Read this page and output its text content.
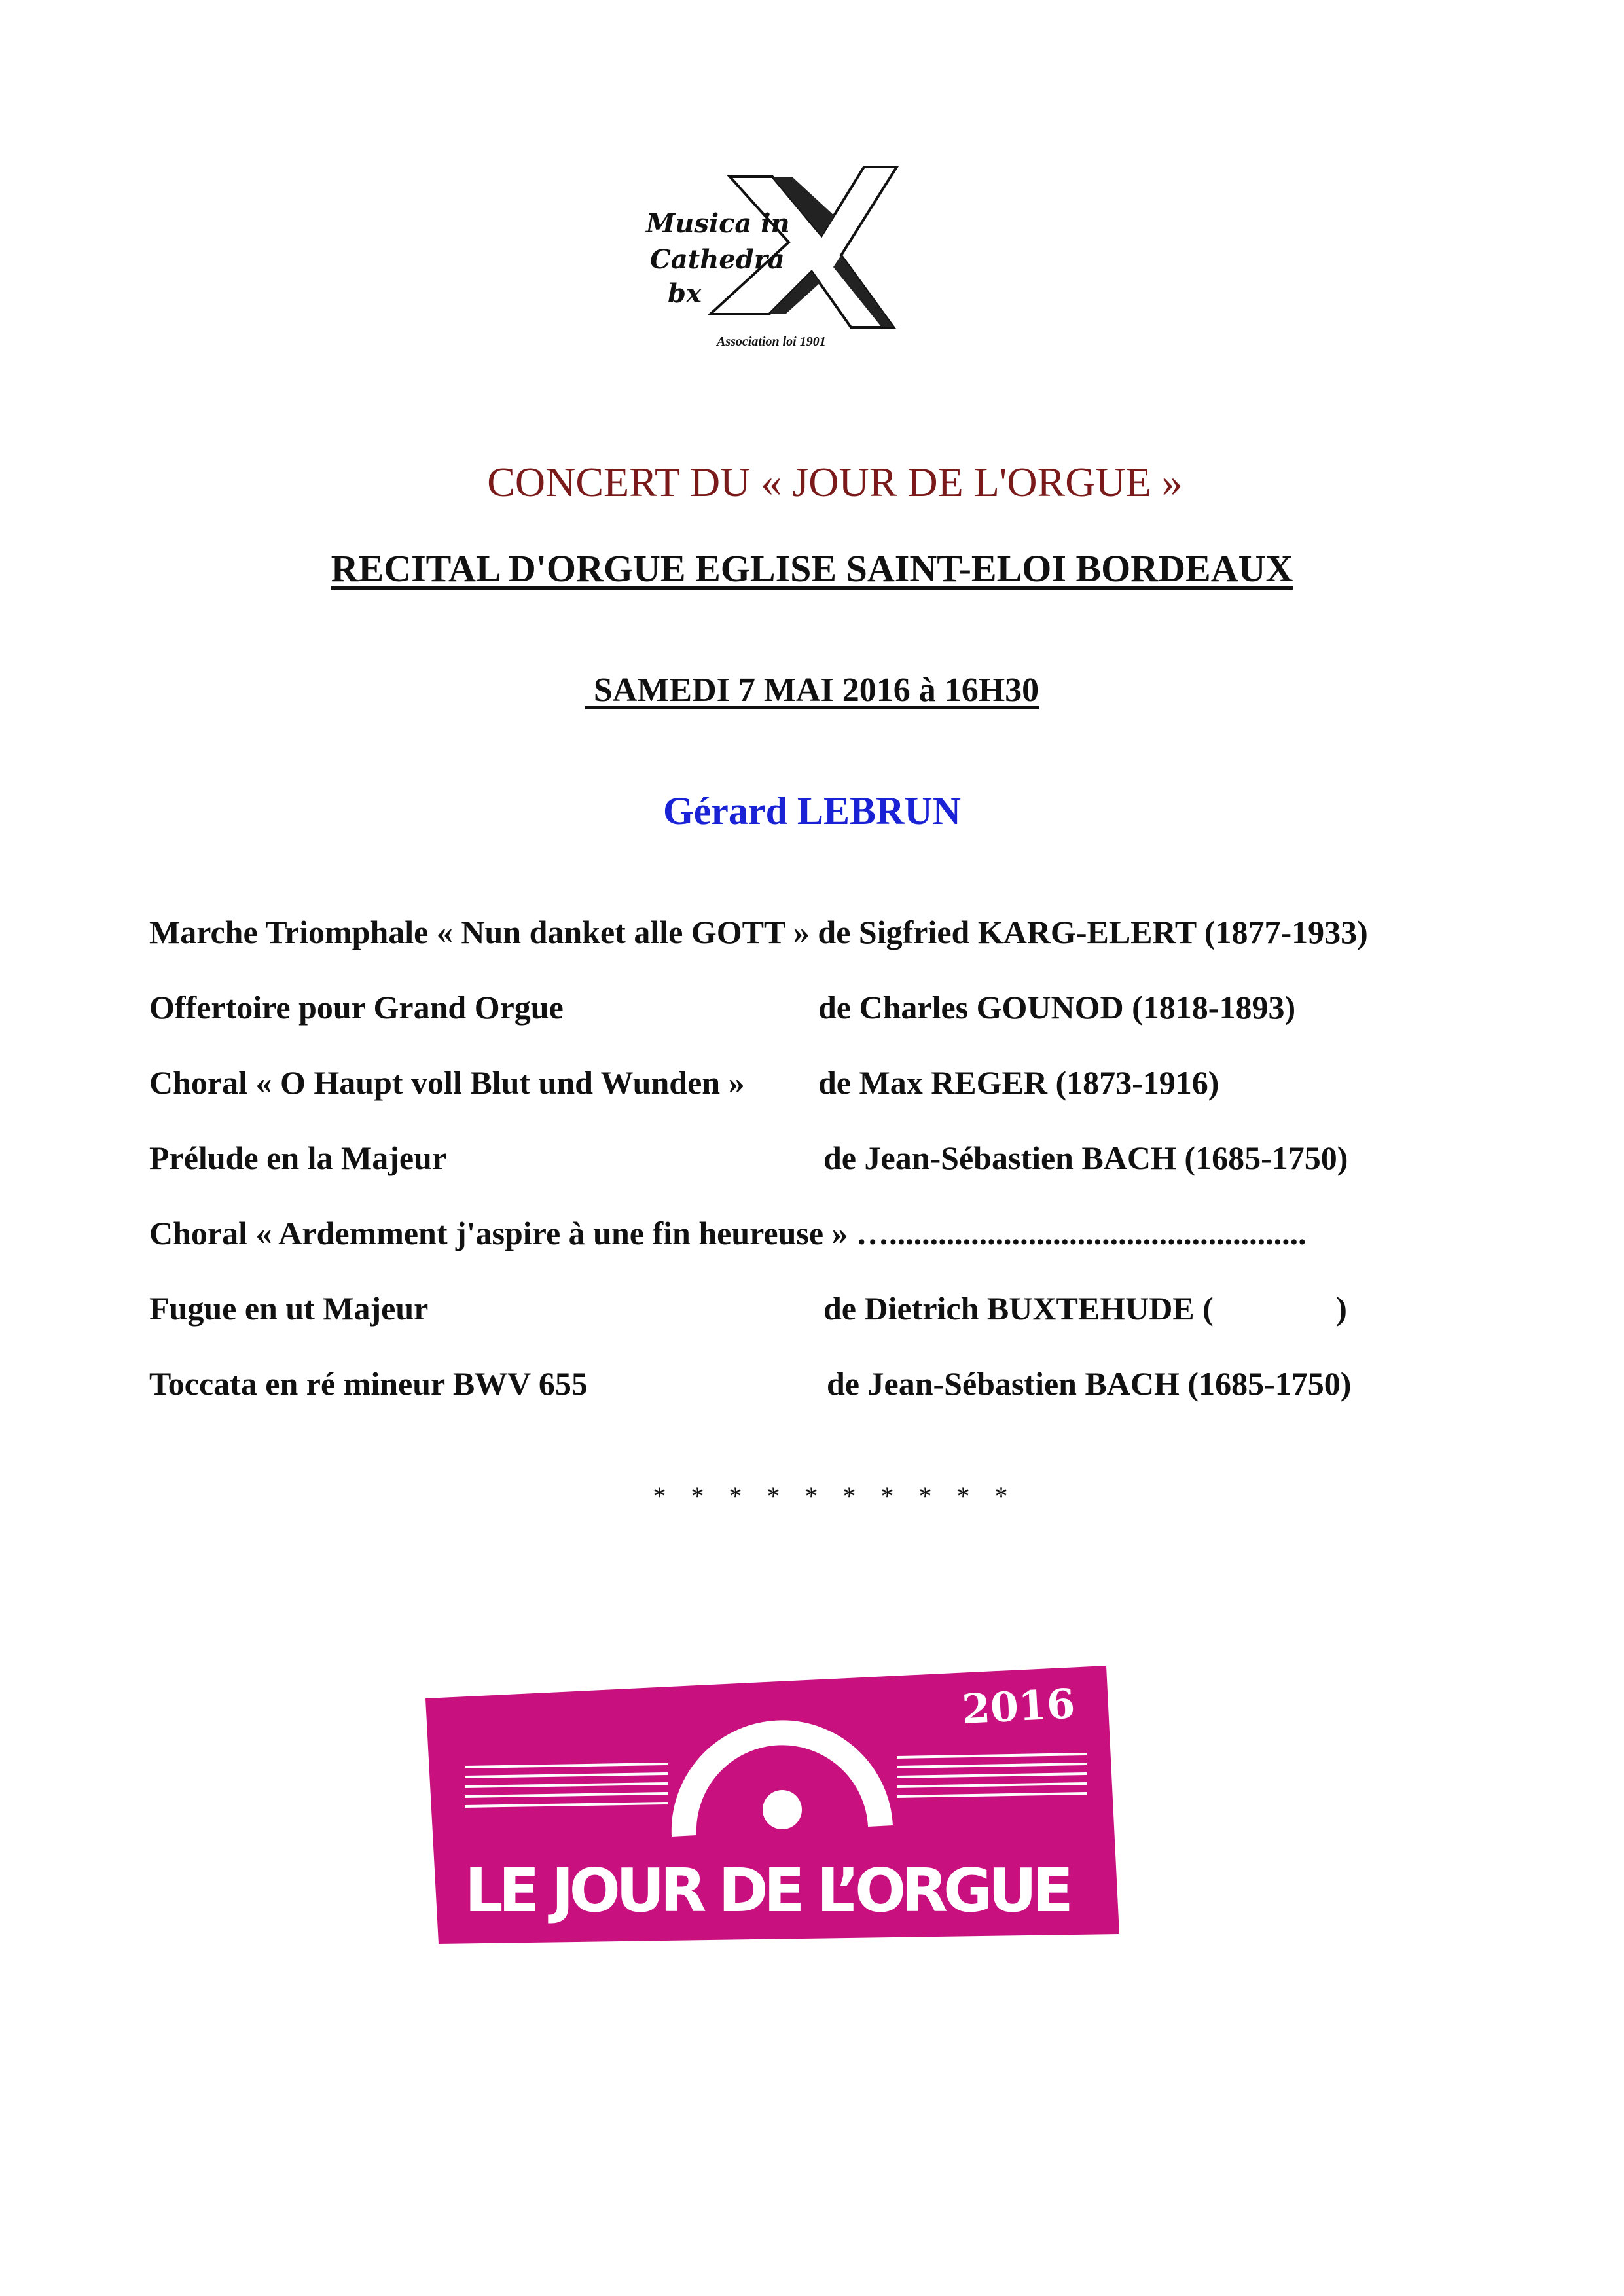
Musica in
Cathedra
bx
Association loi 1901
CONCERT DU « JOUR DE L'ORGUE »
RECITAL D'ORGUE EGLISE SAINT-ELOI BORDEAUX
SAMEDI 7 MAI 2016 à 16H30
Gérard LEBRUN
Marche Triomphale « Nun danket alle GOTT » de Sigfried KARG-ELERT (1877-1933)
Offertoire pour Grand Orgue	de Charles GOUNOD (1818-1893)
Choral « O Haupt voll Blut und Wunden » de Max REGER (1873-1916)
Prélude en la Majeur	de Jean-Sébastien BACH (1685-1750)
Choral « Ardemment j'aspire à une fin heureuse » …...................................................
Fugue en ut Majeur	de Dietrich BUXTEHUDE (               )
Toccata en ré mineur BWV 655	de Jean-Sébastien BACH (1685-1750)
* * * * * * * * * *
2016
LE JOUR DE L’ORGUE
